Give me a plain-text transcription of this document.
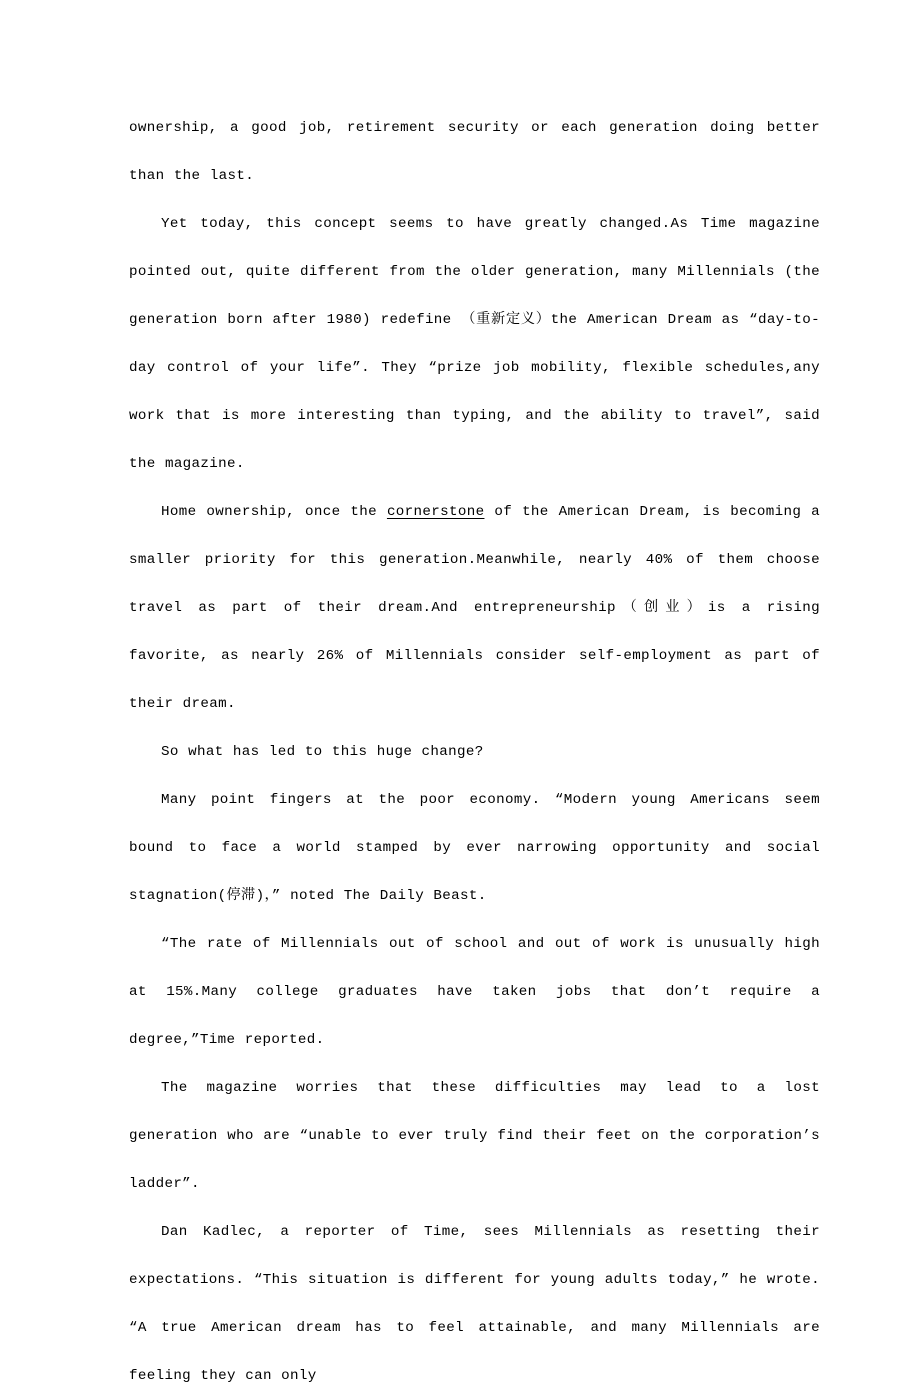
ownership, a good job, retirement security or each generation doing better than the last.

Yet today, this concept seems to have greatly changed.As Time magazine pointed out, quite different from the older generation, many Millennials (the generation born after 1980) redefine （重新定义）the American Dream as “day-to-day control of your life”. They “prize job mobility, flexible schedules,any work that is more interesting than typing, and the ability to travel”, said the magazine.

Home ownership, once the cornerstone of the American Dream, is becoming a smaller priority for this generation.Meanwhile, nearly 40% of them choose travel as part of their dream.And entrepreneurship（创业）is a rising favorite, as nearly 26% of Millennials consider self-employment as part of their dream.

So what has led to this huge change?

Many point fingers at the poor economy. “Modern young Americans seem bound to face a world stamped by ever narrowing opportunity and social stagnation(停滞)，” noted The Daily Beast.

“The rate of Millennials out of school and out of work is unusually high at 15%.Many college graduates have taken jobs that don’t require a degree,”Time reported.

The magazine worries that these difficulties may lead to a lost generation who are “unable to ever truly find their feet on the corporation’s ladder”.

Dan Kadlec, a reporter of Time, sees Millennials as resetting their expectations. “This situation is different for young adults today,” he wrote. “A true American dream has to feel attainable, and many Millennials are feeling they can only
